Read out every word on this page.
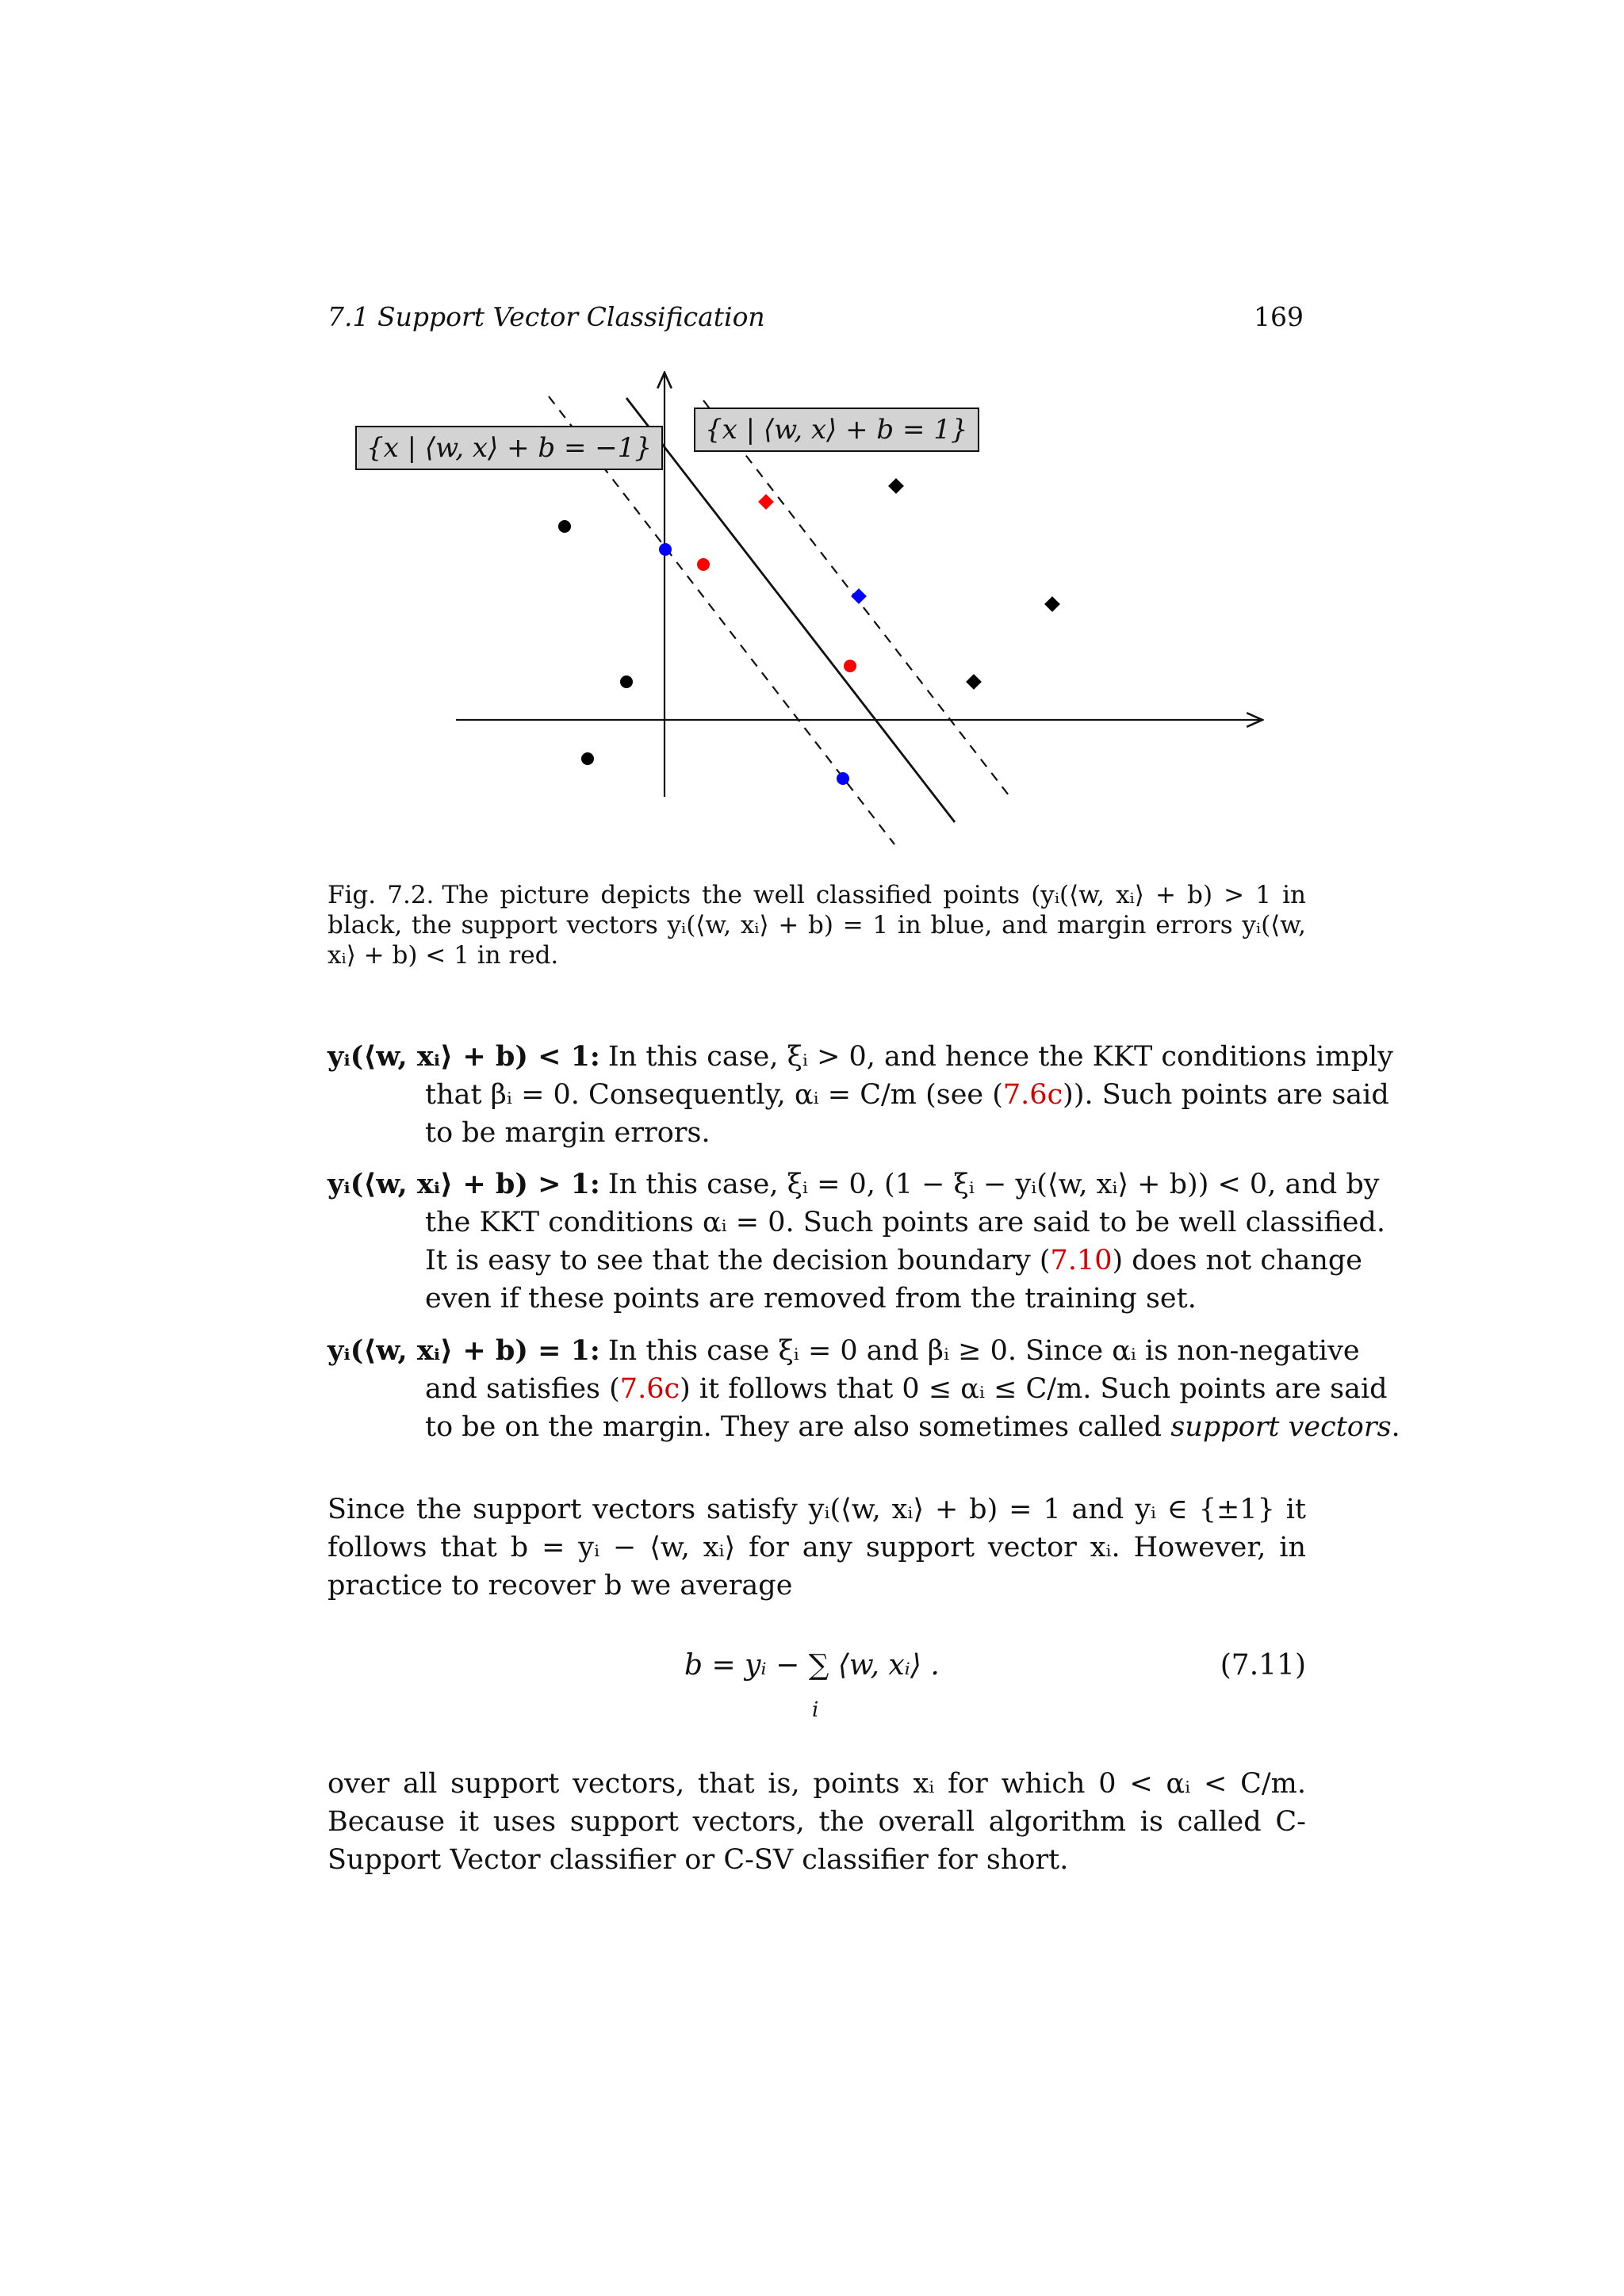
7.1 Support Vector Classification	169
{x | ⟨w, x⟩ + b = −1}
{x | ⟨w, x⟩ + b = 1}
Fig. 7.2. The picture depicts the well classified points (yᵢ(⟨w, xᵢ⟩ + b) > 1 in black, the support vectors yᵢ(⟨w, xᵢ⟩ + b) = 1 in blue, and margin errors yᵢ(⟨w, xᵢ⟩ + b) < 1 in red.
yᵢ(⟨w, xᵢ⟩ + b) < 1: In this case, ξᵢ > 0, and hence the KKT conditions imply that βᵢ = 0. Consequently, αᵢ = C/m (see (7.6c)). Such points are said to be margin errors.
yᵢ(⟨w, xᵢ⟩ + b) > 1: In this case, ξᵢ = 0, (1 − ξᵢ − yᵢ(⟨w, xᵢ⟩ + b)) < 0, and by the KKT conditions αᵢ = 0. Such points are said to be well classified. It is easy to see that the decision boundary (7.10) does not change even if these points are removed from the training set.
yᵢ(⟨w, xᵢ⟩ + b) = 1: In this case ξᵢ = 0 and βᵢ ≥ 0. Since αᵢ is non-negative and satisfies (7.6c) it follows that 0 ≤ αᵢ ≤ C/m. Such points are said to be on the margin. They are also sometimes called support vectors.
Since the support vectors satisfy yᵢ(⟨w, xᵢ⟩ + b) = 1 and yᵢ ∈ {±1} it follows that b = yᵢ − ⟨w, xᵢ⟩ for any support vector xᵢ. However, in practice to recover b we average
b = yᵢ − ∑ ⟨w, xᵢ⟩ .
i
(7.11)
over all support vectors, that is, points xᵢ for which 0 < αᵢ < C/m. Because it uses support vectors, the overall algorithm is called C-Support Vector classifier or C-SV classifier for short.
